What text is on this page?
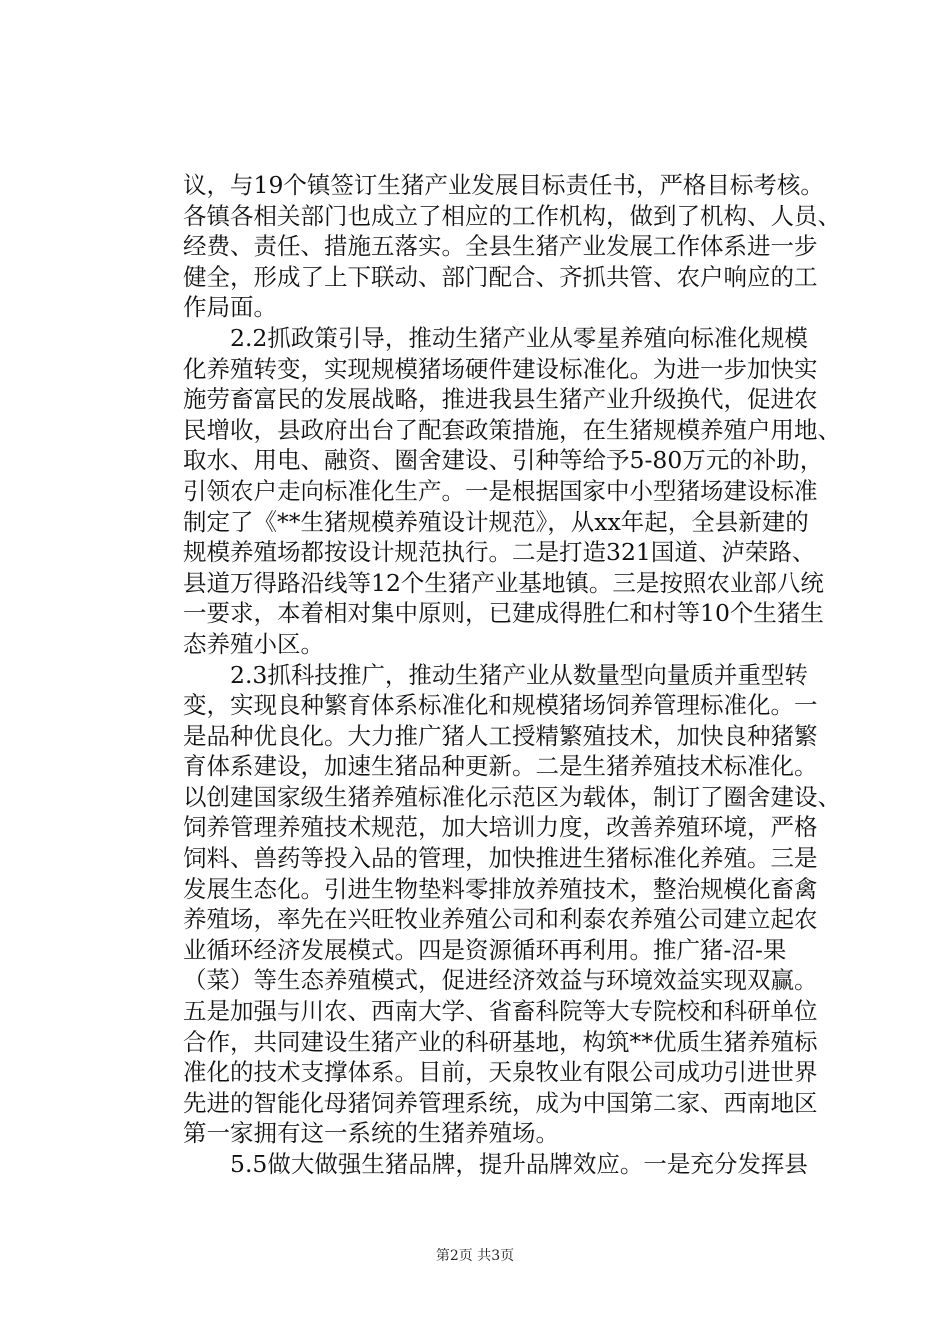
议，与19个镇签订生猪产业发展目标责任书，严格目标考核。
各镇各相关部门也成立了相应的工作机构，做到了机构、人员、
经费、责任、措施五落实。全县生猪产业发展工作体系进一步
健全，形成了上下联动、部门配合、齐抓共管、农户响应的工
作局面。
　　2.2抓政策引导，推动生猪产业从零星养殖向标准化规模
化养殖转变，实现规模猪场硬件建设标准化。为进一步加快实
施劳畜富民的发展战略，推进我县生猪产业升级换代，促进农
民增收，县政府出台了配套政策措施，在生猪规模养殖户用地、
取水、用电、融资、圈舍建设、引种等给予5-80万元的补助，
引领农户走向标准化生产。一是根据国家中小型猪场建设标准
制定了《**生猪规模养殖设计规范》，从xx年起，全县新建的
规模养殖场都按设计规范执行。二是打造321国道、泸荣路、
县道万得路沿线等12个生猪产业基地镇。三是按照农业部八统
一要求，本着相对集中原则，已建成得胜仁和村等10个生猪生
态养殖小区。
　　2.3抓科技推广，推动生猪产业从数量型向量质并重型转
变，实现良种繁育体系标准化和规模猪场饲养管理标准化。一
是品种优良化。大力推广猪人工授精繁殖技术，加快良种猪繁
育体系建设，加速生猪品种更新。二是生猪养殖技术标准化。
以创建国家级生猪养殖标准化示范区为载体，制订了圈舍建设、
饲养管理养殖技术规范，加大培训力度，改善养殖环境，严格
饲料、兽药等投入品的管理，加快推进生猪标准化养殖。三是
发展生态化。引进生物垫料零排放养殖技术，整治规模化畜禽
养殖场，率先在兴旺牧业养殖公司和利泰农养殖公司建立起农
业循环经济发展模式。四是资源循环再利用。推广猪-沼-果
（菜）等生态养殖模式，促进经济效益与环境效益实现双赢。
五是加强与川农、西南大学、省畜科院等大专院校和科研单位
合作，共同建设生猪产业的科研基地，构筑**优质生猪养殖标
准化的技术支撑体系。目前，天泉牧业有限公司成功引进世界
先进的智能化母猪饲养管理系统，成为中国第二家、西南地区
第一家拥有这一系统的生猪养殖场。
　　5.5做大做强生猪品牌，提升品牌效应。一是充分发挥县
第2页 共3页
